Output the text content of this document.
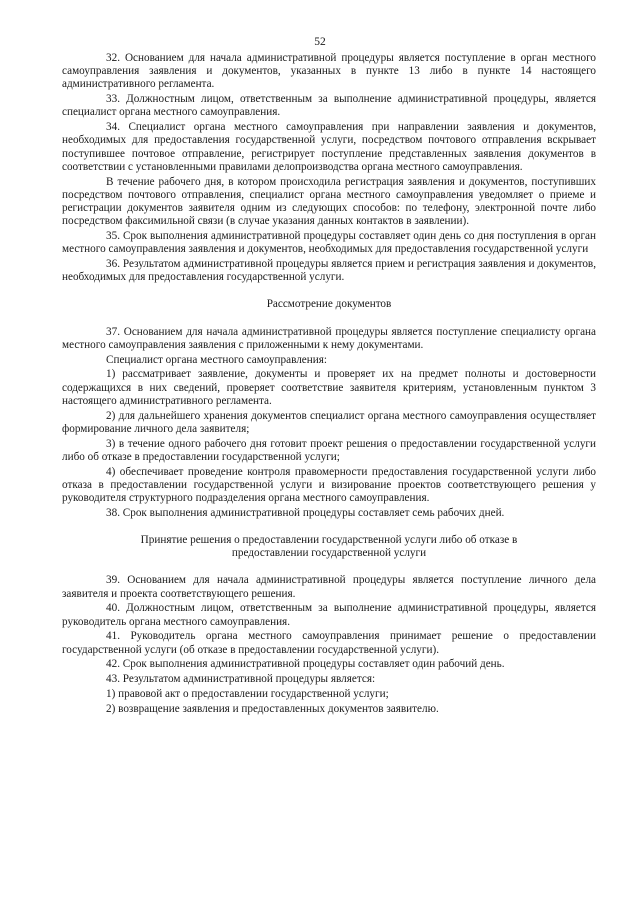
52

32. Основанием для начала административной процедуры является поступление в орган местного самоуправления заявления и документов, указанных в пункте 13 либо в пункте 14 настоящего административного регламента.

33. Должностным лицом, ответственным за выполнение административной процедуры, является специалист органа местного самоуправления.

34. Специалист органа местного самоуправления при направлении заявления и документов, необходимых для предоставления государственной услуги, посредством почтового отправления вскрывает поступившее почтовое отправление, регистрирует поступление представленных заявления документов в соответствии с установленными правилами делопроизводства органа местного самоуправления.

В течение рабочего дня, в котором происходила регистрация заявления и документов, поступивших посредством почтового отправления, специалист органа местного самоуправления уведомляет о приеме и регистрации документов заявителя одним из следующих способов: по телефону, электронной почте либо посредством факсимильной связи (в случае указания данных контактов в заявлении).

35. Срок выполнения административной процедуры составляет один день со дня поступления в орган местного самоуправления заявления и документов, необходимых для предоставления государственной услуги

36. Результатом административной процедуры является прием и регистрация заявления и документов, необходимых для предоставления государственной услуги.

Рассмотрение документов

37. Основанием для начала административной процедуры является поступление специалисту органа местного самоуправления заявления с приложенными к нему документами.

Специалист органа местного самоуправления:

1) рассматривает заявление, документы и проверяет их на предмет полноты и достоверности содержащихся в них сведений, проверяет соответствие заявителя критериям, установленным пунктом 3 настоящего административного регламента.

2) для дальнейшего хранения документов специалист органа местного самоуправления осуществляет формирование личного дела заявителя;

3) в течение одного рабочего дня готовит проект решения о предоставлении государственной услуги либо об отказе в предоставлении государственной услуги;

4) обеспечивает проведение контроля правомерности предоставления государственной услуги либо отказа в предоставлении государственной услуги и визирование проектов соответствующего решения у руководителя структурного подразделения органа местного самоуправления.

38. Срок выполнения административной процедуры составляет семь рабочих дней.

Принятие решения о предоставлении государственной услуги либо об отказе в
предоставлении государственной услуги

39. Основанием для начала административной процедуры является поступление личного дела заявителя и проекта соответствующего решения.

40. Должностным лицом, ответственным за выполнение административной процедуры, является руководитель органа местного самоуправления.

41. Руководитель органа местного самоуправления принимает решение о предоставлении государственной услуги (об отказе в предоставлении государственной услуги).

42. Срок выполнения административной процедуры составляет один рабочий день.

43. Результатом административной процедуры является:

1) правовой акт о предоставлении государственной услуги;

2) возвращение заявления и предоставленных документов заявителю.
